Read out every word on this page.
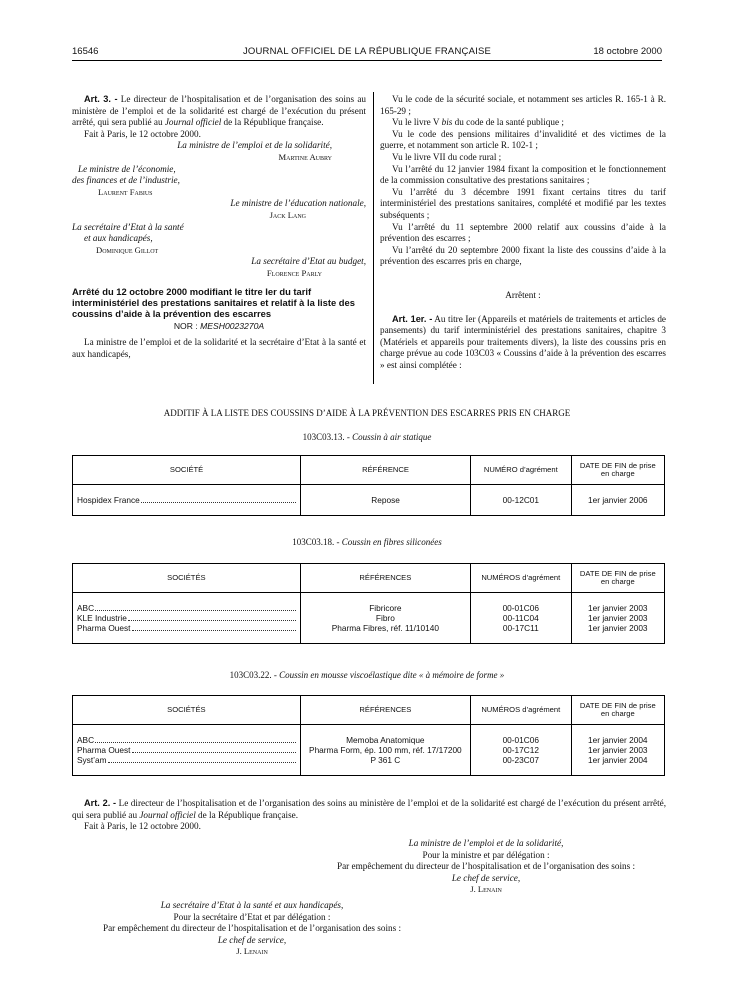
16546	JOURNAL OFFICIEL DE LA RÉPUBLIQUE FRANÇAISE	18 octobre 2000

Art. 3. - Le directeur de l’hospitalisation et de l’organisation des soins au ministère de l’emploi et de la solidarité est chargé de l’exécution du présent arrêté, qui sera publié au Journal officiel de la République française.

Fait à Paris, le 12 octobre 2000.

La ministre de l’emploi et de la solidarité,
Martine Aubry
Le ministre de l’économie,
des finances et de l’industrie,
Laurent Fabius
Le ministre de l’éducation nationale,
Jack Lang
La secrétaire d’Etat à la santé
et aux handicapés,
Dominique Gillot
La secrétaire d’Etat au budget,
Florence Parly
Arrêté du 12 octobre 2000 modifiant le titre Ier du tarif interministériel des prestations sanitaires et relatif à la liste des coussins d’aide à la prévention des escarres
NOR : MESH0023270A

La ministre de l’emploi et de la solidarité et la secrétaire d’Etat à la santé et aux handicapés,

Vu le code de la sécurité sociale, et notamment ses articles R. 165-1 à R. 165-29 ;

Vu le livre V bis du code de la santé publique ;

Vu le code des pensions militaires d’invalidité et des victimes de la guerre, et notamment son article R. 102-1 ;

Vu le livre VII du code rural ;

Vu l’arrêté du 12 janvier 1984 fixant la composition et le fonctionnement de la commission consultative des prestations sanitaires ;

Vu l’arrêté du 3 décembre 1991 fixant certains titres du tarif interministériel des prestations sanitaires, complété et modifié par les textes subséquents ;

Vu l’arrêté du 11 septembre 2000 relatif aux coussins d’aide à la prévention des escarres ;

Vu l’arrêté du 20 septembre 2000 fixant la liste des coussins d’aide à la prévention des escarres pris en charge,

Arrêtent :

Art. 1er. - Au titre Ier (Appareils et matériels de traitements et articles de pansements) du tarif interministériel des prestations sanitaires, chapitre 3 (Matériels et appareils pour traitements divers), la liste des coussins pris en charge prévue au code 103C03 « Coussins d’aide à la prévention des escarres » est ainsi complétée :

ADDITIF À LA LISTE DES COUSSINS D’AIDE À LA PRÉVENTION DES ESCARRES PRIS EN CHARGE
103C03.13. - Coussin à air statique
SOCIÉTÉ	RÉFÉRENCE	NUMÉRO d’agrément	DATE DE FIN de prise en charge

Hospidex France	Repose	00-12C01	1er janvier 2006

103C03.18. - Coussin en fibres siliconées
SOCIÉTÉS	RÉFÉRENCES	NUMÉROS d’agrément	DATE DE FIN de prise en charge

ABC	Fibricore	00-01C06	1er janvier 2003

KLE Industrie	Fibro	00-11C04	1er janvier 2003

Pharma Ouest	Pharma Fibres, réf. 11/10140	00-17C11	1er janvier 2003

103C03.22. - Coussin en mousse viscoélastique dite « à mémoire de forme »
SOCIÉTÉS	RÉFÉRENCES	NUMÉROS d’agrément	DATE DE FIN de prise en charge

ABC	Memoba Anatomique	00-01C06	1er janvier 2004

Pharma Ouest	Pharma Form, ép. 100 mm, réf. 17/17200	00-17C12	1er janvier 2003

Syst’am	P 361 C	00-23C07	1er janvier 2004

Art. 2. - Le directeur de l’hospitalisation et de l’organisation des soins au ministère de l’emploi et de la solidarité est chargé de l’exécution du présent arrêté, qui sera publié au Journal officiel de la République française.

Fait à Paris, le 12 octobre 2000.

La ministre de l’emploi et de la solidarité,
Pour la ministre et par délégation :
Par empêchement du directeur de l’hospitalisation et de l’organisation des soins :
Le chef de service,
J. Lenain
La secrétaire d’Etat à la santé et aux handicapés,
Pour la secrétaire d’Etat et par délégation :
Par empêchement du directeur de l’hospitalisation et de l’organisation des soins :
Le chef de service,
J. Lenain
